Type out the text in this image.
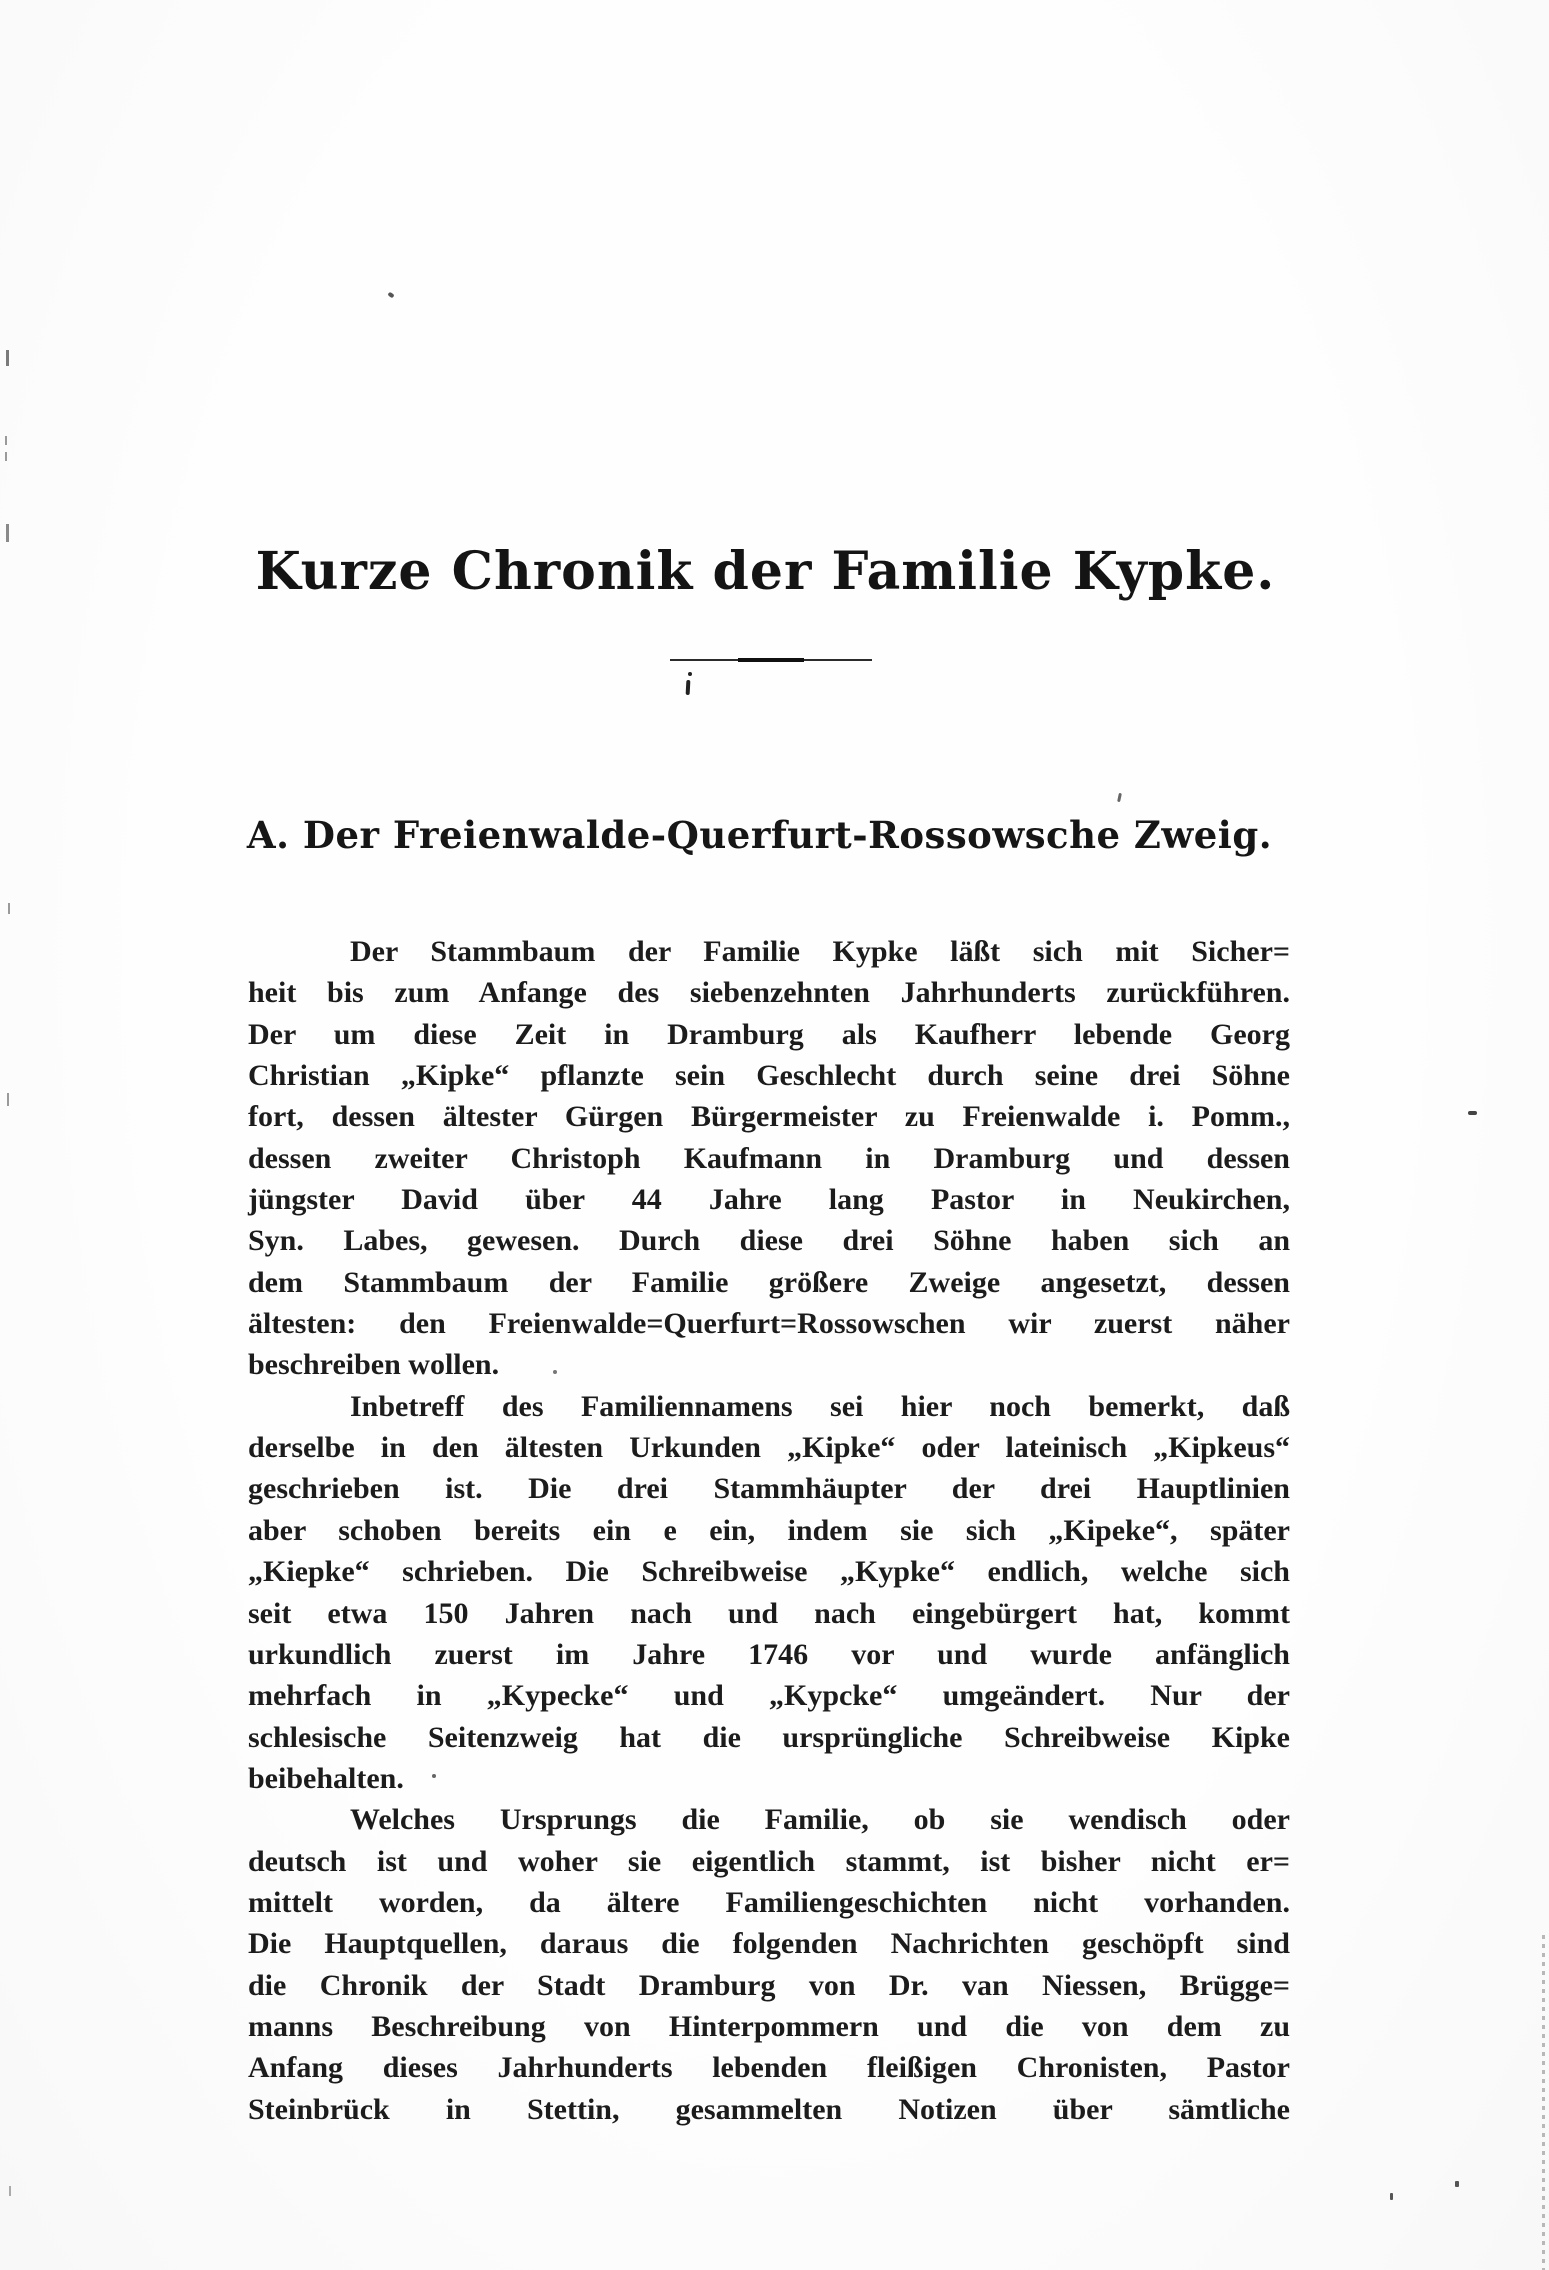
Kurze Chronik der Familie Kypke.
A. Der Freienwalde-Querfurt-Rossowsche Zweig.
Der Stammbaum der Familie Kypke läßt sich mit Sicher=
heit bis zum Anfange des siebenzehnten Jahrhunderts zurückführen.
Der um diese Zeit in Dramburg als Kaufherr lebende Georg
Christian „Kipke“ pflanzte sein Geschlecht durch seine drei Söhne
fort, dessen ältester Gürgen Bürgermeister zu Freienwalde i. Pomm.,
dessen zweiter Christoph Kaufmann in Dramburg und dessen
jüngster David über 44 Jahre lang Pastor in Neukirchen,
Syn. Labes, gewesen. Durch diese drei Söhne haben sich an
dem Stammbaum der Familie größere Zweige angesetzt, dessen
ältesten: den Freienwalde=Querfurt=Rossowschen wir zuerst näher
beschreiben wollen.
Inbetreff des Familiennamens sei hier noch bemerkt, daß
derselbe in den ältesten Urkunden „Kipke“ oder lateinisch „Kipkeus“
geschrieben ist. Die drei Stammhäupter der drei Hauptlinien
aber schoben bereits ein e ein, indem sie sich „Kipeke“, später
„Kiepke“ schrieben. Die Schreibweise „Kypke“ endlich, welche sich
seit etwa 150 Jahren nach und nach eingebürgert hat, kommt
urkundlich zuerst im Jahre 1746 vor und wurde anfänglich
mehrfach in „Kypecke“ und „Kypcke“ umgeändert. Nur der
schlesische Seitenzweig hat die ursprüngliche Schreibweise Kipke
beibehalten.
Welches Ursprungs die Familie, ob sie wendisch oder
deutsch ist und woher sie eigentlich stammt, ist bisher nicht er=
mittelt worden, da ältere Familiengeschichten nicht vorhanden.
Die Hauptquellen, daraus die folgenden Nachrichten geschöpft sind
die Chronik der Stadt Dramburg von Dr. van Niessen, Brügge=
manns Beschreibung von Hinterpommern und die von dem zu
Anfang dieses Jahrhunderts lebenden fleißigen Chronisten, Pastor
Steinbrück in Stettin, gesammelten Notizen über sämtliche
